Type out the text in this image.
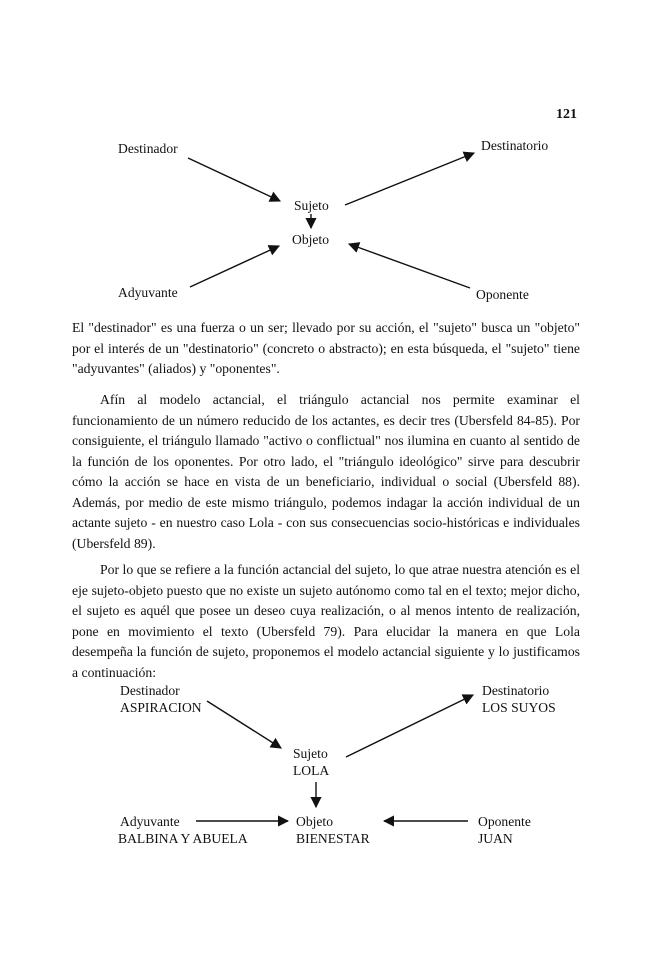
121
Destinador	Destinatorio
Sujeto
Objeto
Adyuvante	Oponente
El "destinador" es una fuerza o un ser; llevado por su acción, el "sujeto" busca un "objeto" por el interés de un "destinatorio" (concreto o abstracto); en esta búsqueda, el "sujeto" tiene "adyuvantes" (aliados) y "oponentes".
Afín al modelo actancial, el triángulo actancial nos permite examinar el funcionamiento de un número reducido de los actantes, es decir tres (Ubersfeld 84-85). Por consiguiente, el triángulo llamado "activo o conflictual" nos ilumina en cuanto al sentido de la función de los oponentes. Por otro lado, el "triángulo ideológico" sirve para descubrir cómo la acción se hace en vista de un beneficiario, individual o social (Ubersfeld 88). Además, por medio de este mismo triángulo, podemos indagar la acción individual de un actante sujeto - en nuestro caso Lola - con sus consecuencias socio-históricas e individuales (Ubersfeld 89).
Por lo que se refiere a la función actancial del sujeto, lo que atrae nuestra atención es el eje sujeto-objeto puesto que no existe un sujeto autónomo como tal en el texto; mejor dicho, el sujeto es aquél que posee un deseo cuya realización, o al menos intento de realización, pone en movimiento el texto (Ubersfeld 79). Para elucidar la manera en que Lola desempeña la función de sujeto, proponemos el modelo actancial siguiente y lo justificamos a continuación:
Destinador
ASPIRACION
Destinatorio
LOS SUYOS
Sujeto
LOLA
Objeto
BIENESTAR
Adyuvante
BALBINA Y ABUELA
Oponente
JUAN
